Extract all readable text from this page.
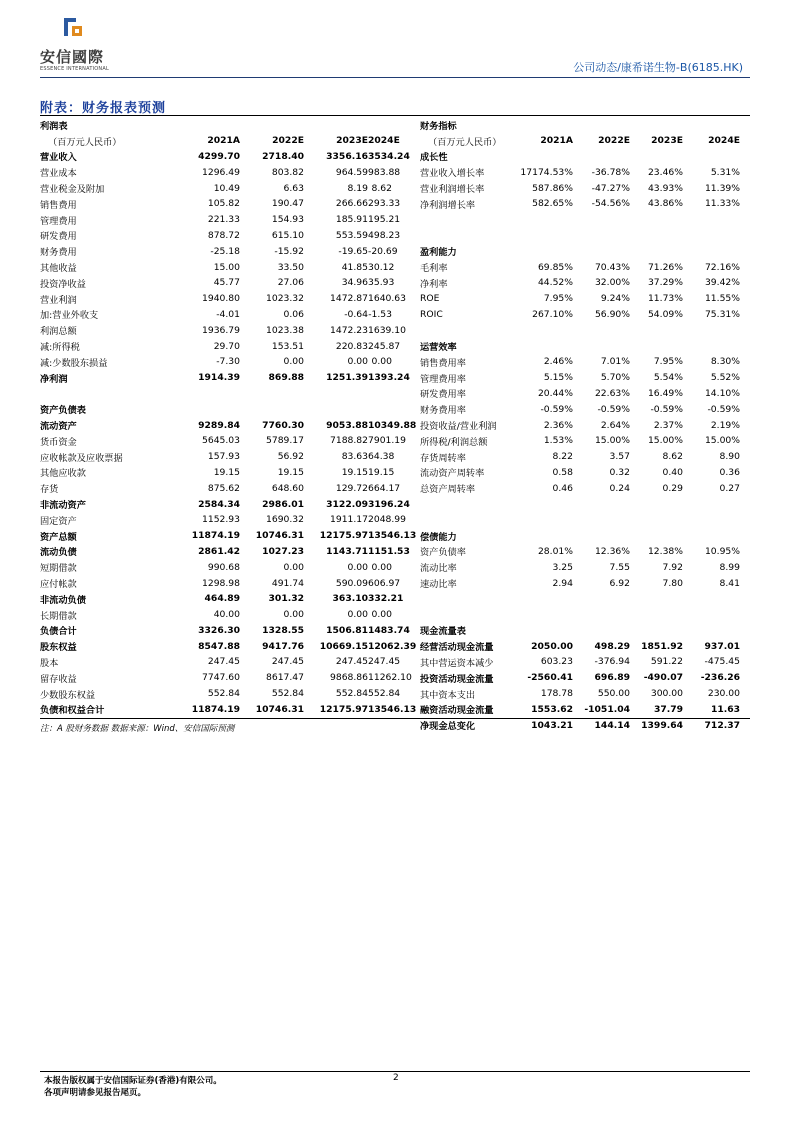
安信國際
ESSENCE INTERNATIONAL	公司动态/康希诺生物-B(6185.HK)
附表：财务报表预测
利润表				
（百万元人民币）	2021A	2022E	2023E	2024E
营业收入	4299.70	2718.40	3356.16	3534.24
营业成本	1296.49	803.82	964.59	983.88
营业税金及附加	10.49	6.63	8.19	8.62
销售费用	105.82	190.47	266.66	293.33
管理费用	221.33	154.93	185.91	195.21
研发费用	878.72	615.10	553.59	498.23
财务费用	-25.18	-15.92	-19.65	-20.69
其他收益	15.00	33.50	41.85	30.12
投资净收益	45.77	27.06	34.96	35.93
营业利润	1940.80	1023.32	1472.87	1640.63
加:营业外收支	-4.01	0.06	-0.64	-1.53
利润总额	1936.79	1023.38	1472.23	1639.10
减:所得税	29.70	153.51	220.83	245.87
减:少数股东损益	-7.30	0.00	0.00	0.00
净利润	1914.39	869.88	1251.39	1393.24

资产负债表				
流动资产	9289.84	7760.30	9053.88	10349.88
货币资金	5645.03	5789.17	7188.82	7901.19
应收帐款及应收票据	157.93	56.92	83.63	64.38
其他应收款	19.15	19.15	19.15	19.15
存货	875.62	648.60	129.72	664.17
非流动资产	2584.34	2986.01	3122.09	3196.24
固定资产	1152.93	1690.32	1911.17	2048.99
资产总额	11874.19	10746.31	12175.97	13546.13
流动负债	2861.42	1027.23	1143.71	1151.53
短期借款	990.68	0.00	0.00	0.00
应付帐款	1298.98	491.74	590.09	606.97
非流动负债	464.89	301.32	363.10	332.21
长期借款	40.00	0.00	0.00	0.00
负债合计	3326.30	1328.55	1506.81	1483.74
股东权益	8547.88	9417.76	10669.15	12062.39
股本	247.45	247.45	247.45	247.45
留存收益	7747.60	8617.47	9868.86	11262.10
少数股东权益	552.84	552.84	552.84	552.84
负债和权益合计	11874.19	10746.31	12175.97	13546.13
财务指标				
（百万元人民币）	2021A	2022E	2023E	2024E
成长性				
营业收入增长率	17174.53%	-36.78%	23.46%	5.31%
营业利润增长率	587.86%	-47.27%	43.93%	11.39%
净利润增长率	582.65%	-54.56%	43.86%	11.33%

盈利能力				
毛利率	69.85%	70.43%	71.26%	72.16%
净利率	44.52%	32.00%	37.29%	39.42%
ROE	7.95%	9.24%	11.73%	11.55%
ROIC	267.10%	56.90%	54.09%	75.31%

运营效率				
销售费用率	2.46%	7.01%	7.95%	8.30%
管理费用率	5.15%	5.70%	5.54%	5.52%
研发费用率	20.44%	22.63%	16.49%	14.10%
财务费用率	-0.59%	-0.59%	-0.59%	-0.59%
投资收益/营业利润	2.36%	2.64%	2.37%	2.19%
所得税/利润总额	1.53%	15.00%	15.00%	15.00%
存货周转率	8.22	3.57	8.62	8.90
流动资产周转率	0.58	0.32	0.40	0.36
总资产周转率	0.46	0.24	0.29	0.27

偿债能力				
资产负债率	28.01%	12.36%	12.38%	10.95%
流动比率	3.25	7.55	7.92	8.99
速动比率	2.94	6.92	7.80	8.41

现金流量表				
经营活动现金流量	2050.00	498.29	1851.92	937.01
其中营运资本减少	603.23	-376.94	591.22	-475.45
投资活动现金流量	-2560.41	696.89	-490.07	-236.26
其中资本支出	178.78	550.00	300.00	230.00
融资活动现金流量	1553.62	-1051.04	37.79	11.63
净现金总变化	1043.21	144.14	1399.64	712.37
注：A 股财务数据 数据来源：Wind、安信国际预测
本报告版权属于安信国际证券(香港)有限公司。
各项声明请参见报告尾页。
2
